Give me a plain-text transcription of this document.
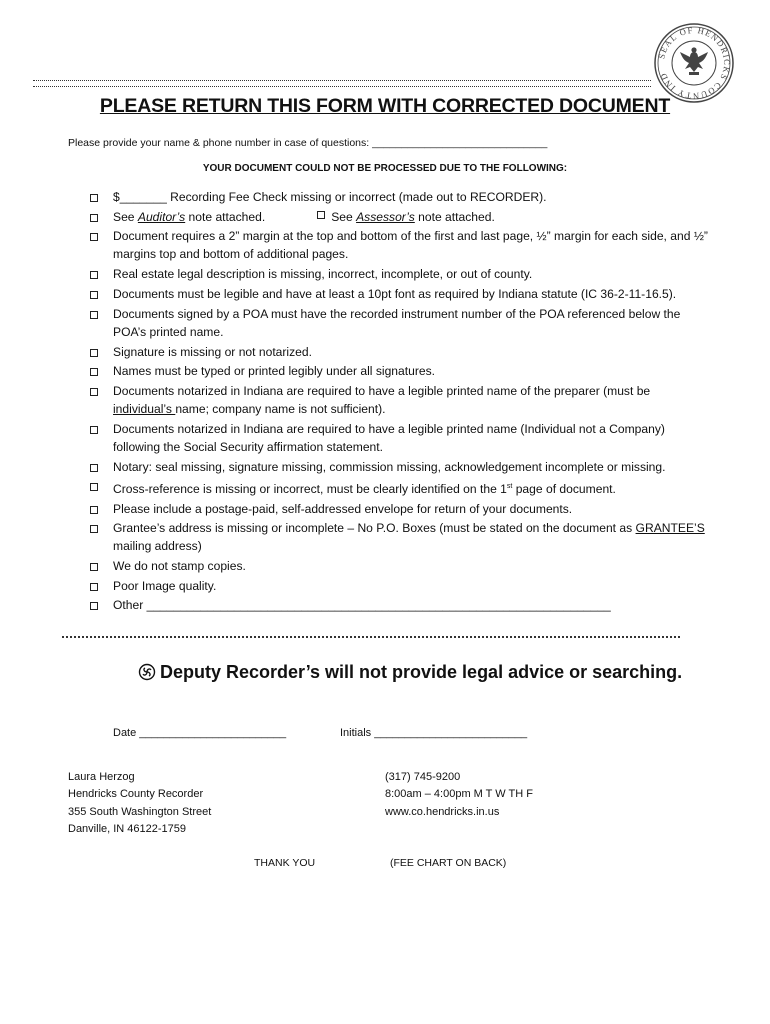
SEAL OF HENDRICKS COUNTY IND
PLEASE RETURN THIS FORM WITH CORRECTED DOCUMENT
Please provide your name & phone number in case of questions: ______________________________
YOUR DOCUMENT COULD NOT BE PROCESSED DUE TO THE FOLLOWING:
$_______ Recording Fee Check missing or incorrect (made out to RECORDER).
See Auditor’s note attached.	See Assessor’s note attached.
Document requires a 2” margin at the top and bottom of the first and last page, ½” margin for each side, and ½” margins top and bottom of additional pages.
Real estate legal description is missing, incorrect, incomplete, or out of county.
Documents must be legible and have at least a 10pt font as required by Indiana statute (IC 36-2-11-16.5).
Documents signed by a POA must have the recorded instrument number of the POA referenced below the POA’s printed name.
Signature is missing or not notarized.
Names must be typed or printed legibly under all signatures.
Documents notarized in Indiana are required to have a legible printed name of the preparer (must be individual’s name; company name is not sufficient).
Documents notarized in Indiana are required to have a legible printed name (Individual not a Company) following the Social Security affirmation statement.
Notary: seal missing, signature missing, commission missing, acknowledgement incomplete or missing.
Cross-reference is missing or incorrect, must be clearly identified on the 1st page of document.
Please include a postage-paid, self-addressed envelope for return of your documents.
Grantee’s address is missing or incomplete – No P.O. Boxes (must be stated on the document as GRANTEE’S mailing address)
We do not stamp copies.
Poor Image quality.
Other _____________________________________________________________________
Deputy Recorder’s will not provide legal advice or searching.
Date ________________________	Initials _________________________
Laura Herzog
Hendricks County Recorder
355 South Washington Street
Danville, IN 46122-1759
(317) 745-9200
8:00am – 4:00pm M T W TH F
www.co.hendricks.in.us
THANK YOU	(FEE CHART ON BACK)
